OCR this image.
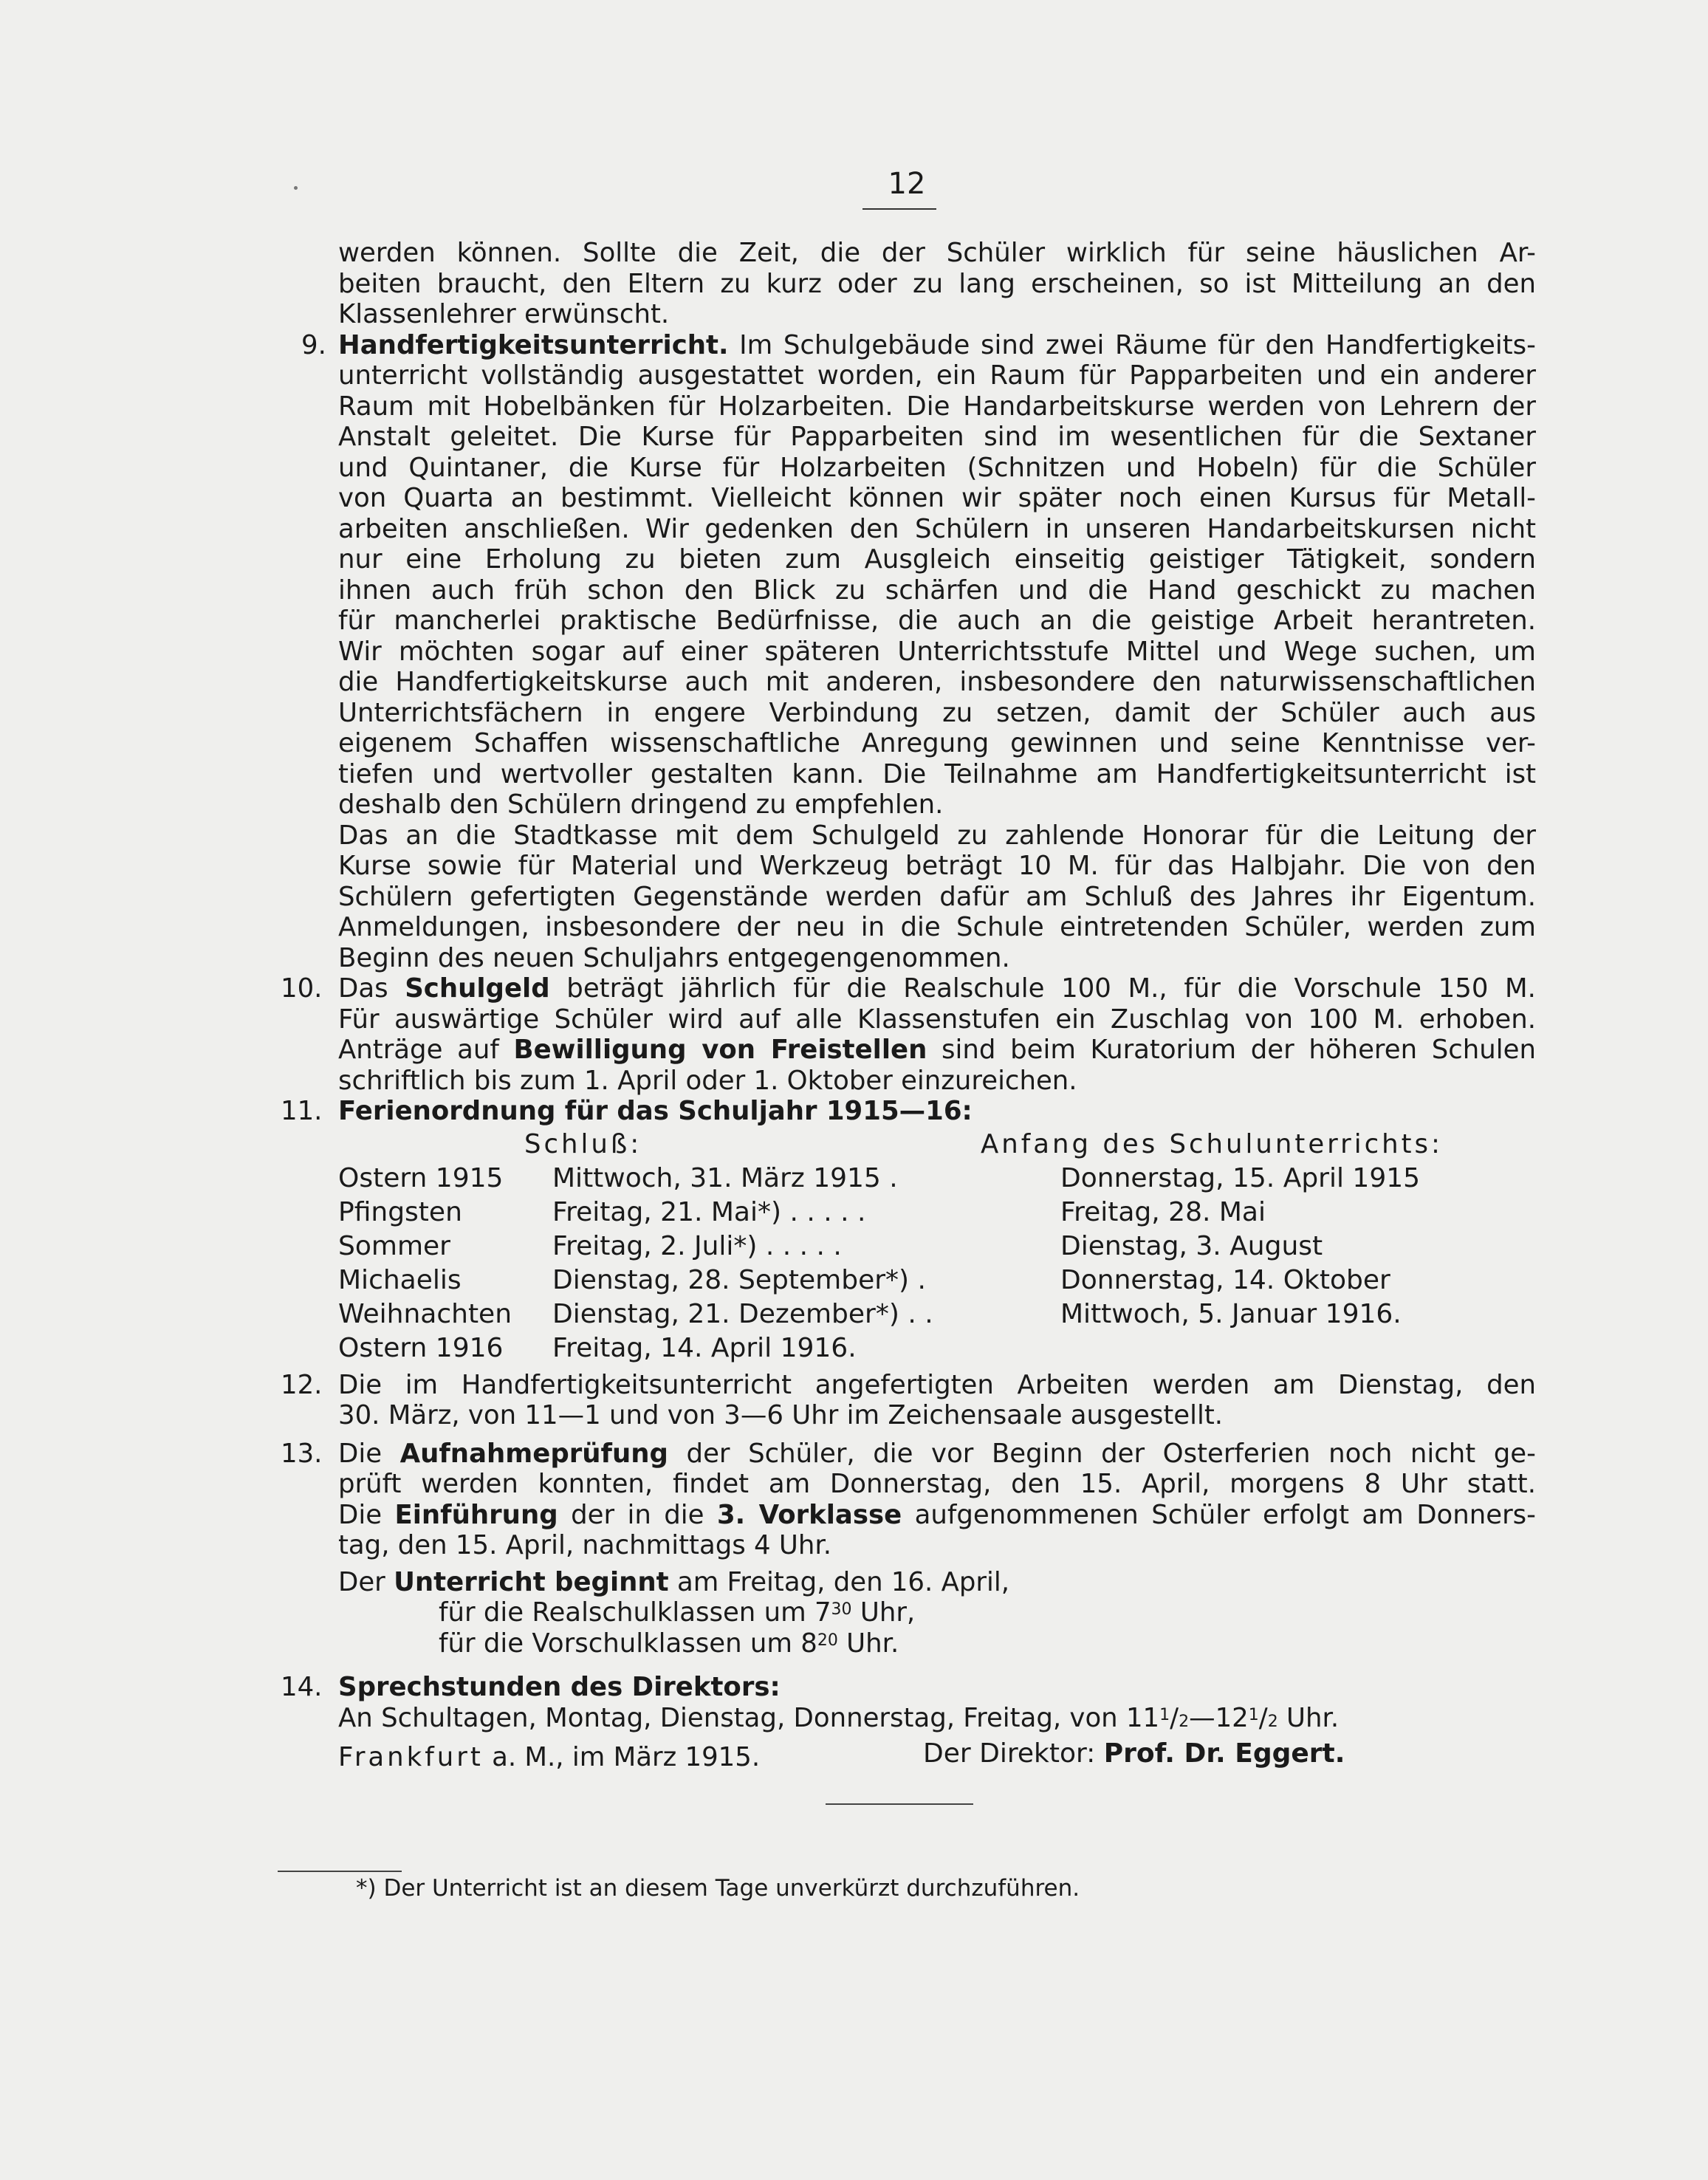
12
werden können. Sollte die Zeit, die der Schüler wirklich für seine häuslichen Ar-
beiten braucht, den Eltern zu kurz oder zu lang erscheinen, so ist Mitteilung an den
Klassenlehrer erwünscht.
9. Handfertigkeitsunterricht. Im Schulgebäude sind zwei Räume für den Handfertigkeits-
unterricht vollständig ausgestattet worden, ein Raum für Papparbeiten und ein anderer
Raum mit Hobelbänken für Holzarbeiten. Die Handarbeitskurse werden von Lehrern der
Anstalt geleitet. Die Kurse für Papparbeiten sind im wesentlichen für die Sextaner
und Quintaner, die Kurse für Holzarbeiten (Schnitzen und Hobeln) für die Schüler
von Quarta an bestimmt. Vielleicht können wir später noch einen Kursus für Metall-
arbeiten anschließen. Wir gedenken den Schülern in unseren Handarbeitskursen nicht
nur eine Erholung zu bieten zum Ausgleich einseitig geistiger Tätigkeit, sondern
ihnen auch früh schon den Blick zu schärfen und die Hand geschickt zu machen
für mancherlei praktische Bedürfnisse, die auch an die geistige Arbeit herantreten.
Wir möchten sogar auf einer späteren Unterrichtsstufe Mittel und Wege suchen, um
die Handfertigkeitskurse auch mit anderen, insbesondere den naturwissenschaftlichen
Unterrichtsfächern in engere Verbindung zu setzen, damit der Schüler auch aus
eigenem Schaffen wissenschaftliche Anregung gewinnen und seine Kenntnisse ver-
tiefen und wertvoller gestalten kann. Die Teilnahme am Handfertigkeitsunterricht ist
deshalb den Schülern dringend zu empfehlen.
Das an die Stadtkasse mit dem Schulgeld zu zahlende Honorar für die Leitung der
Kurse sowie für Material und Werkzeug beträgt 10 M. für das Halbjahr. Die von den
Schülern gefertigten Gegenstände werden dafür am Schluß des Jahres ihr Eigentum.
Anmeldungen, insbesondere der neu in die Schule eintretenden Schüler, werden zum
Beginn des neuen Schuljahrs entgegengenommen.
10. Das Schulgeld beträgt jährlich für die Realschule 100 M., für die Vorschule 150 M.
Für auswärtige Schüler wird auf alle Klassenstufen ein Zuschlag von 100 M. erhoben.
Anträge auf Bewilligung von Freistellen sind beim Kuratorium der höheren Schulen
schriftlich bis zum 1. April oder 1. Oktober einzureichen.
11. Ferienordnung für das Schuljahr 1915—16:
Schluß:	Anfang des Schulunterrichts:
Ostern 1915 Mittwoch, 31. März 1915 .	Donnerstag, 15. April 1915
Pfingsten	Freitag, 21. Mai*) . . . . .	Freitag, 28. Mai
Sommer	Freitag, 2. Juli*) . . . . .	Dienstag, 3. August
Michaelis	Dienstag, 28. September*) .	Donnerstag, 14. Oktober
Weihnachten Dienstag, 21. Dezember*) . .	Mittwoch, 5. Januar 1916.
Ostern 1916 Freitag, 14. April 1916.
12. Die im Handfertigkeitsunterricht angefertigten Arbeiten werden am Dienstag, den
30. März, von 11—1 und von 3—6 Uhr im Zeichensaale ausgestellt.
13. Die Aufnahmeprüfung der Schüler, die vor Beginn der Osterferien noch nicht ge-
prüft werden konnten, findet am Donnerstag, den 15. April, morgens 8 Uhr statt.
Die Einführung der in die 3. Vorklasse aufgenommenen Schüler erfolgt am Donners-
tag, den 15. April, nachmittags 4 Uhr.
Der Unterricht beginnt am Freitag, den 16. April,
für die Realschulklassen um $7^{30}$ Uhr,
für die Vorschulklassen um $8^{20}$ Uhr.
14. Sprechstunden des Direktors:
An Schultagen, Montag, Dienstag, Donnerstag, Freitag, von $11^1/2—12^1/2$ Uhr.
Frankfurt a. M., im März 1915.	Der Direktor: Prof. Dr. Eggert.
*) Der Unterricht ist an diesem Tage unverkürzt durchzuführen.
